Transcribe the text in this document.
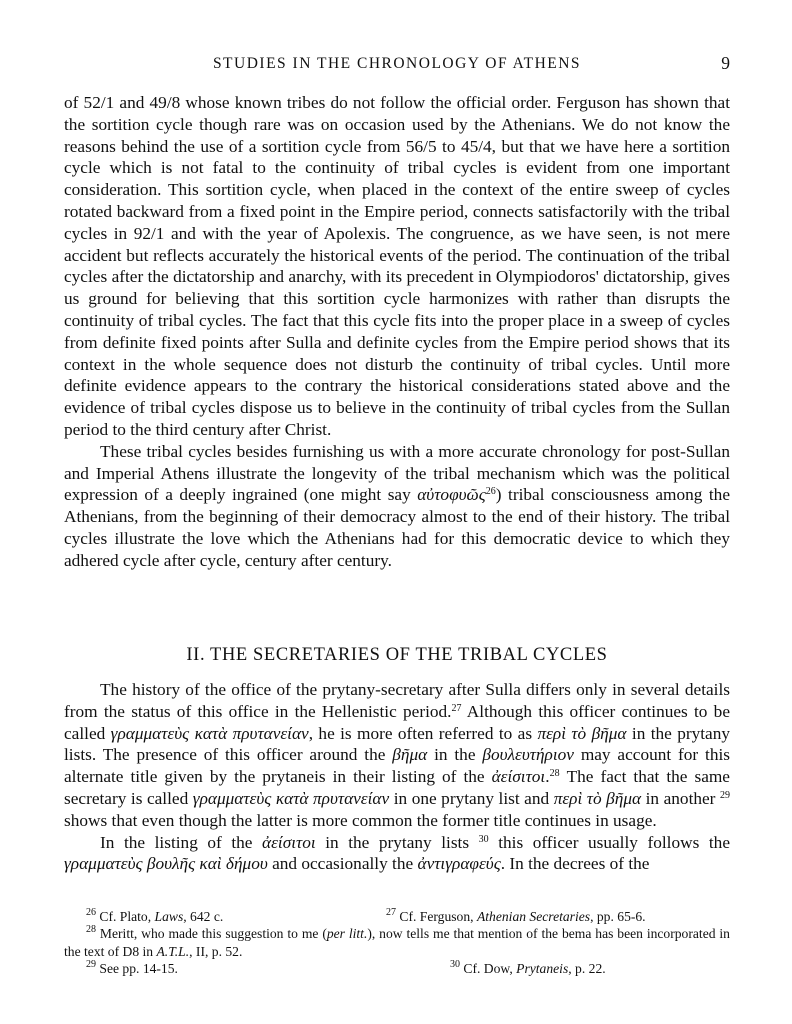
STUDIES IN THE CHRONOLOGY OF ATHENS	9

of 52/1 and 49/8 whose known tribes do not follow the official order. Ferguson has shown that the sortition cycle though rare was on occasion used by the Athenians. We do not know the reasons behind the use of a sortition cycle from 56/5 to 45/4, but that we have here a sortition cycle which is not fatal to the continuity of tribal cycles is evident from one important consideration. This sortition cycle, when placed in the context of the entire sweep of cycles rotated backward from a fixed point in the Empire period, connects satisfactorily with the tribal cycles in 92/1 and with the year of Apolexis. The congruence, as we have seen, is not mere accident but reflects accurately the historical events of the period. The continuation of the tribal cycles after the dictatorship and anarchy, with its precedent in Olympiodoros' dictatorship, gives us ground for believing that this sortition cycle harmonizes with rather than disrupts the continuity of tribal cycles. The fact that this cycle fits into the proper place in a sweep of cycles from definite fixed points after Sulla and definite cycles from the Empire period shows that its context in the whole sequence does not disturb the continuity of tribal cycles. Until more definite evidence appears to the contrary the historical considerations stated above and the evidence of tribal cycles dispose us to believe in the continuity of tribal cycles from the Sullan period to the third century after Christ.

These tribal cycles besides furnishing us with a more accurate chronology for post-Sullan and Imperial Athens illustrate the longevity of the tribal mechanism which was the political expression of a deeply ingrained (one might say αὐτοφυῶς$^{26}$) tribal consciousness among the Athenians, from the beginning of their democracy almost to the end of their history. The tribal cycles illustrate the love which the Athenians had for this democratic device to which they adhered cycle after cycle, century after century.

II. THE SECRETARIES OF THE TRIBAL CYCLES

The history of the office of the prytany-secretary after Sulla differs only in several details from the status of this office in the Hellenistic period.$^{27}$ Although this officer continues to be called γραμματεὺς κατὰ πρυτανείαν, he is more often referred to as περὶ τὸ βῆμα in the prytany lists. The presence of this officer around the βῆμα in the βουλευτήριον may account for this alternate title given by the prytaneis in their listing of the ἀείσιτοι.$^{28}$ The fact that the same secretary is called γραμματεὺς κατὰ πρυτανείαν in one prytany list and περὶ τὸ βῆμα in another $^{29}$ shows that even though the latter is more common the former title continues in usage.

In the listing of the ἀείσιτοι in the prytany lists $^{30}$ this officer usually follows the γραμματεὺς βουλῆς καὶ δήμου and occasionally the ἀντιγραφεύς. In the decrees of the

$^{26}$ Cf. Plato, Laws, 642 c.	$^{27}$ Cf. Ferguson, Athenian Secretaries, pp. 65-6.

$^{28}$ Meritt, who made this suggestion to me (per litt.), now tells me that mention of the bema has been incorporated in the text of D8 in A.T.L., II, p. 52.

$^{29}$ See pp. 14-15.	$^{30}$ Cf. Dow, Prytaneis, p. 22.
